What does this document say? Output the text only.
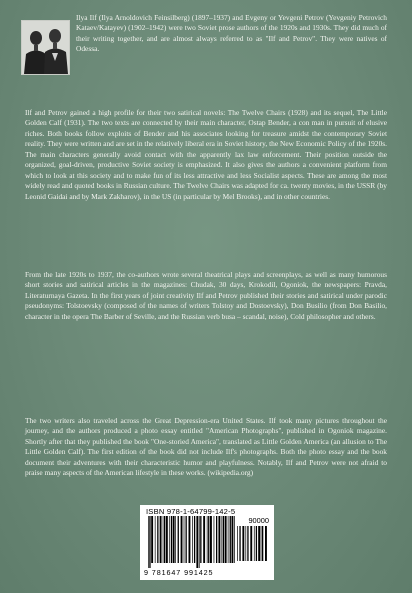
Ilya Ilf (Ilya Arnoldovich Feinsilberg) (1897–1937) and Evgeny or Yevgeni Petrov (Yevgeniy Petrovich Katаеv/Katayev) (1902–1942) were two Soviet prose authors of the 1920s and 1930s. They did much of their writing together, and are almost always referred to as "Ilf and Petrov". They were natives of Odessa.

Ilf and Petrov gained a high profile for their two satirical novels: The Twelve Chairs (1928) and its sequel, The Little Golden Calf (1931). The two texts are connected by their main character, Ostap Bender, a con man in pursuit of elusive riches. Both books follow exploits of Bender and his associates looking for treasure amidst the contemporary Soviet reality. They were written and are set in the relatively liberal era in Soviet history, the New Economic Policy of the 1920s. The main characters generally avoid contact with the apparently lax law enforcement. Their position outside the organized, goal-driven, productive Soviet society is emphasized. It also gives the authors a convenient platform from which to look at this society and to make fun of its less attractive and less Socialist aspects. These are among the most widely read and quoted books in Russian culture. The Twelve Chairs was adapted for ca. twenty movies, in the USSR (by Leonid Gaidai and by Mark Zakharov), in the US (in particular by Mel Brooks), and in other countries.

From the late 1920s to 1937, the co-authors wrote several theatrical plays and screenplays, as well as many humorous short stories and satirical articles in the magazines: Chudak, 30 days, Krokodil, Ogoniok, the newspapers: Pravda, Literaturnaya Gazeta. In the first years of joint creativity Ilf and Petrov published their stories and satirical under parodic pseudonyms: Tolstoevsky (composed of the names of writers Tolstoy and Dostoevsky), Don Busilio (from Don Basilio, character in the opera The Barber of Seville, and the Russian verb busa – scandal, noise), Cold philosopher and others.

The two writers also traveled across the Great Depression-era United States. Ilf took many pictures throughout the journey, and the authors produced a photo essay entitled "American Photographs", published in Ogoniok magazine. Shortly after that they published the book "One-storied America", translated as Little Golden America (an allusion to The Little Golden Calf). The first edition of the book did not include Ilf's photographs. Both the photo essay and the book document their adventures with their characteristic humor and playfulness. Notably, Ilf and Petrov were not afraid to praise many aspects of the American lifestyle in these works. (wikipedia.org)

ISBN 978-1-64799-142-5
90000
9 781647 991425
